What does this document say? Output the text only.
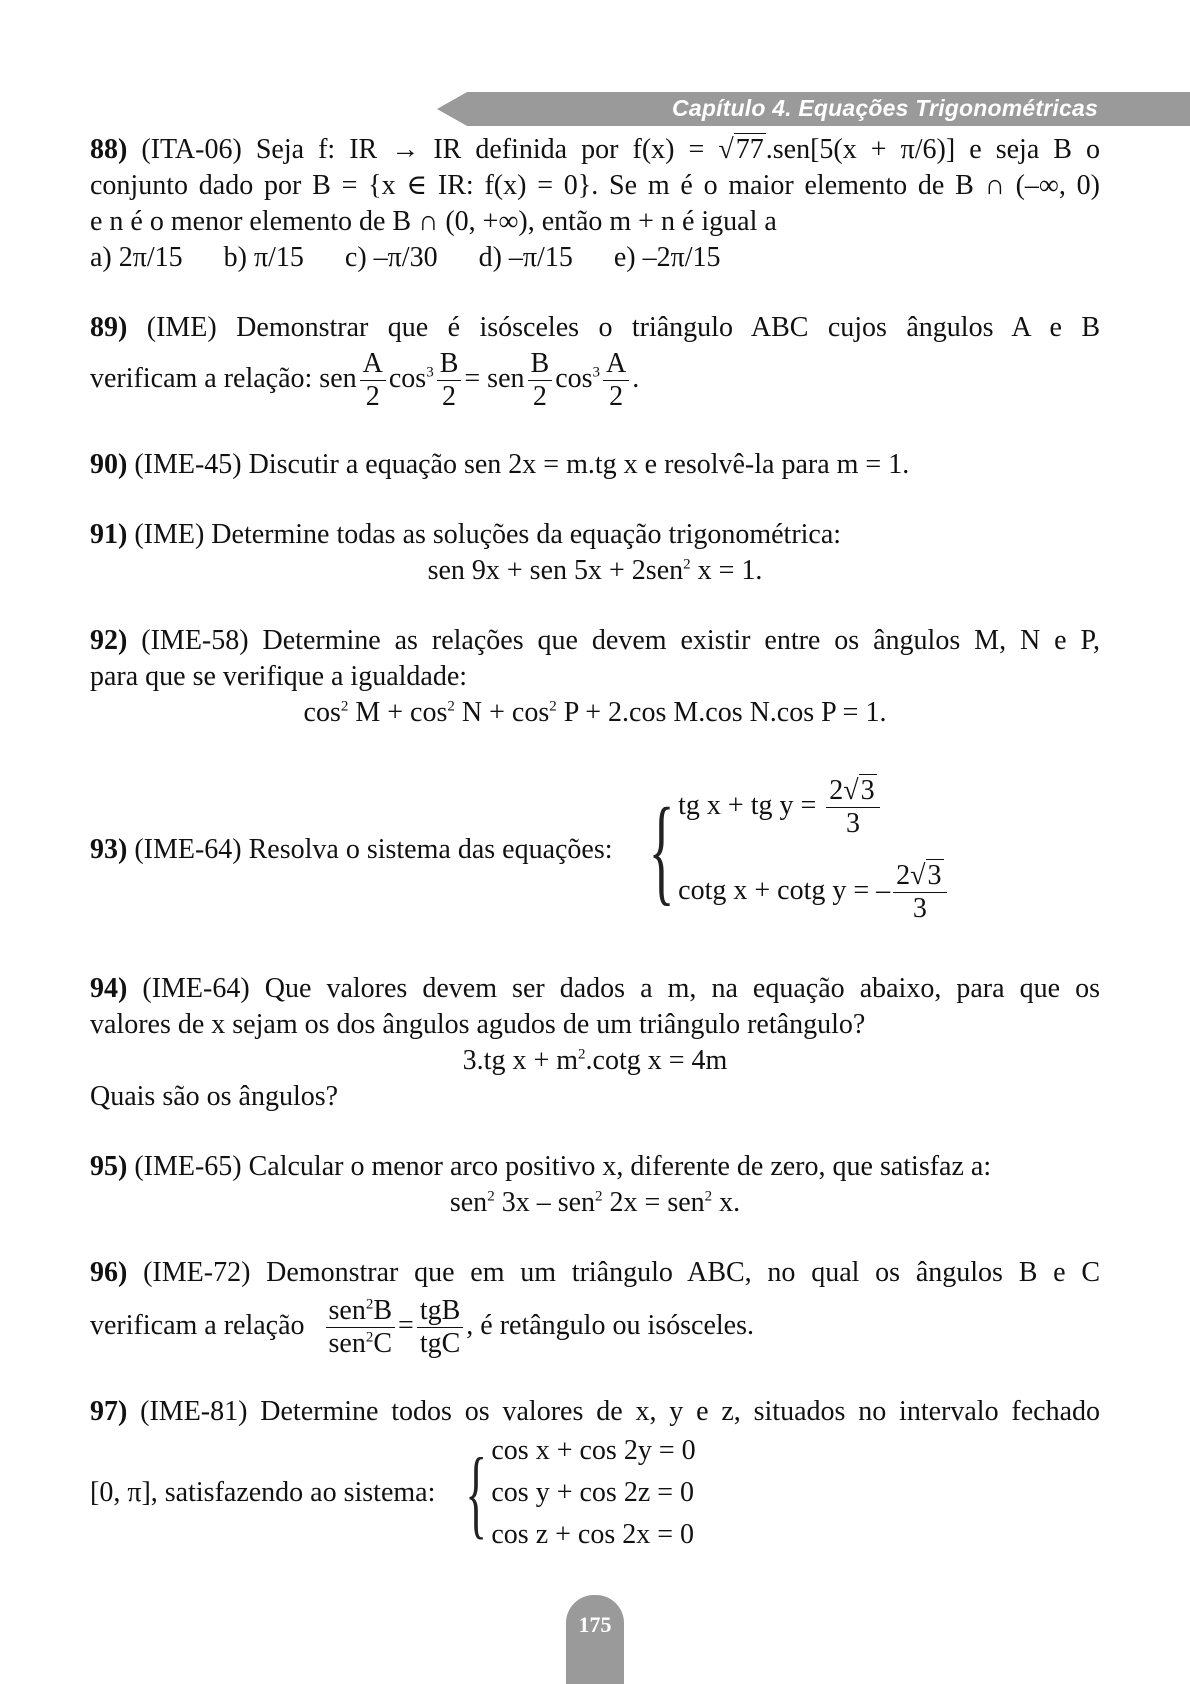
Capítulo 4. Equações Trigonométricas
88) (ITA-06) Seja f: IR → IR definida por f(x) = √77.sen[5(x + π/6)] e seja B o
conjunto dado por B = {x ∈ IR: f(x) = 0}. Se m é o maior elemento de B ∩ (–∞, 0)
e n é o menor elemento de B ∩ (0, +∞), então m + n é igual a
a) 2π/15 b) π/15 c) –π/30 d) –π/15 e) –2π/15
89) (IME) Demonstrar que é isósceles o triângulo ABC cujos ângulos A e B
verificam a relação: sen $\frac{A}{2} \cos^3 \frac{B}{2}$ = sen $\frac{B}{2} \cos^3 \frac{A}{2}$ .
90) (IME-45) Discutir a equação sen 2x = m.tg x e resolvê-la para m = 1.
91) (IME) Determine todas as soluções da equação trigonométrica:
sen 9x + sen 5x + 2sen$^2$ x = 1.
92) (IME-58) Determine as relações que devem existir entre os ângulos M, N e P,
para que se verifique a igualdade:
$\cos^2 M + \cos^2 N + \cos^2 P + 2.\cos$ M.cos N.cos P = 1.
93) (IME-64) Resolva o sistema das equações: { tg x + tg $y = \frac{2√3}{3}$
cotg x + cotg y = – $\frac{2√3}{3}$
94) (IME-64) Que valores devem ser dados a m, na equação abaixo, para que os
valores de x sejam os dos ângulos agudos de um triângulo retângulo?
3.tg $x + m^2.\cot g$ x = 4m
Quais são os ângulos?
95) (IME-65) Calcular o menor arco positivo x, diferente de zero, que satisfaz a:
sen$^2$ 3x – sen$^2$ 2x = sen$^2$ x.
96) (IME-72) Demonstrar que em um triângulo ABC, no qual os ângulos B e C
verificam a relação $\frac{sen^2B}{sen^2C} = \frac{\text{tgB}}{\text{tgC}}$ , é retângulo ou isósceles.
97) (IME-81) Determine todos os valores de x, y e z, situados no intervalo fechado
[0, π], satisfazendo ao sistema: { cos x + cos 2y = 0
cos y + cos 2z = 0
cos z + cos 2x = 0
175
